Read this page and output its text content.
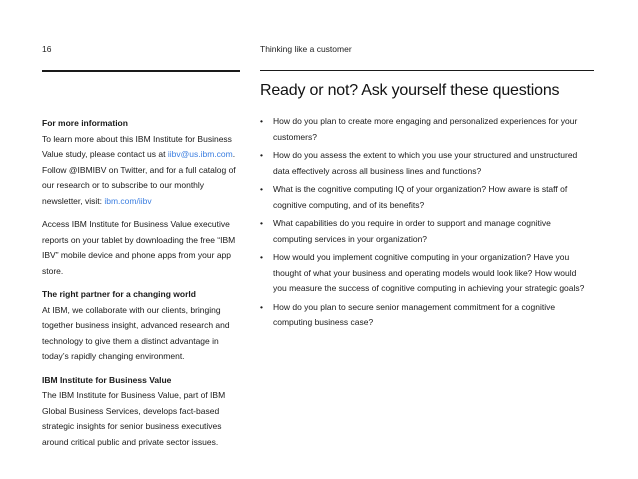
16	Thinking like a customer
For more information
To learn more about this IBM Institute for Business Value study, please contact us at iibv@us.ibm.com. Follow @IBMIBV on Twitter, and for a full catalog of our research or to subscribe to our monthly newsletter, visit: ibm.com/iibv
Access IBM Institute for Business Value executive reports on your tablet by downloading the free “IBM IBV” mobile device and phone apps from your app store.
The right partner for a changing world
At IBM, we collaborate with our clients, bringing together business insight, advanced research and technology to give them a distinct advantage in today’s rapidly changing environment.
IBM Institute for Business Value
The IBM Institute for Business Value, part of IBM Global Business Services, develops fact-based strategic insights for senior business executives around critical public and private sector issues.
Ready or not? Ask yourself these questions
• How do you plan to create more engaging and personalized experiences for your customers?
• How do you assess the extent to which you use your structured and unstructured data effectively across all business lines and functions?
• What is the cognitive computing IQ of your organization? How aware is staff of cognitive computing, and of its benefits?
• What capabilities do you require in order to support and manage cognitive computing services in your organization?
• How would you implement cognitive computing in your organization? Have you thought of what your business and operating models would look like? How would you measure the success of cognitive computing in achieving your strategic goals?
• How do you plan to secure senior management commitment for a cognitive computing business case?
